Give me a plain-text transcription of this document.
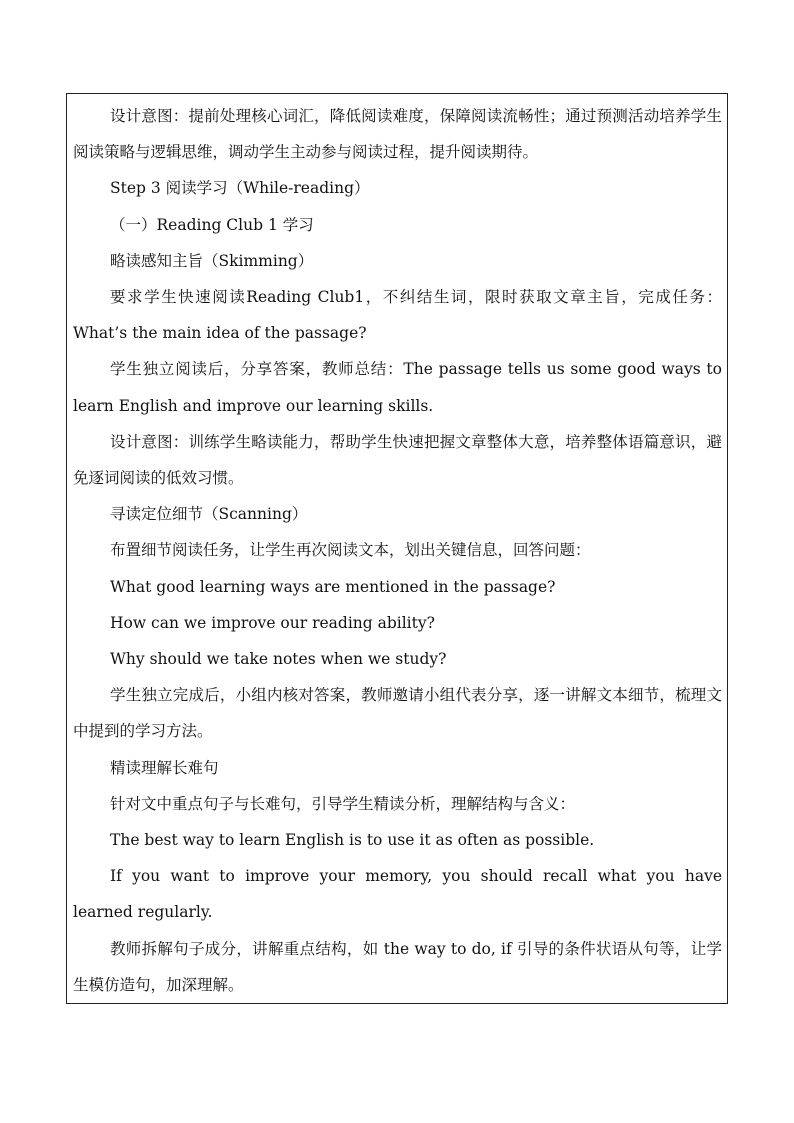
设计意图：提前处理核心词汇，降低阅读难度，保障阅读流畅性；通过预测活动培养学生阅读策略与逻辑思维，调动学生主动参与阅读过程，提升阅读期待。

Step 3 阅读学习（While-reading）

（一）Reading Club 1 学习

略读感知主旨（Skimming）

要求学生快速阅读Reading Club1，不纠结生词，限时获取文章主旨，完成任务：What’s the main idea of the passage?

学生独立阅读后，分享答案，教师总结：The passage tells us some good ways to learn English and improve our learning skills.

设计意图：训练学生略读能力，帮助学生快速把握文章整体大意，培养整体语篇意识，避免逐词阅读的低效习惯。

寻读定位细节（Scanning）

布置细节阅读任务，让学生再次阅读文本，划出关键信息，回答问题：

What good learning ways are mentioned in the passage?

How can we improve our reading ability?

Why should we take notes when we study?

学生独立完成后，小组内核对答案，教师邀请小组代表分享，逐一讲解文本细节，梳理文中提到的学习方法。

精读理解长难句

针对文中重点句子与长难句，引导学生精读分析，理解结构与含义：

The best way to learn English is to use it as often as possible.

If you want to improve your memory, you should recall what you have learned regularly.

教师拆解句子成分，讲解重点结构，如 the way to do, if 引导的条件状语从句等，让学生模仿造句，加深理解。
